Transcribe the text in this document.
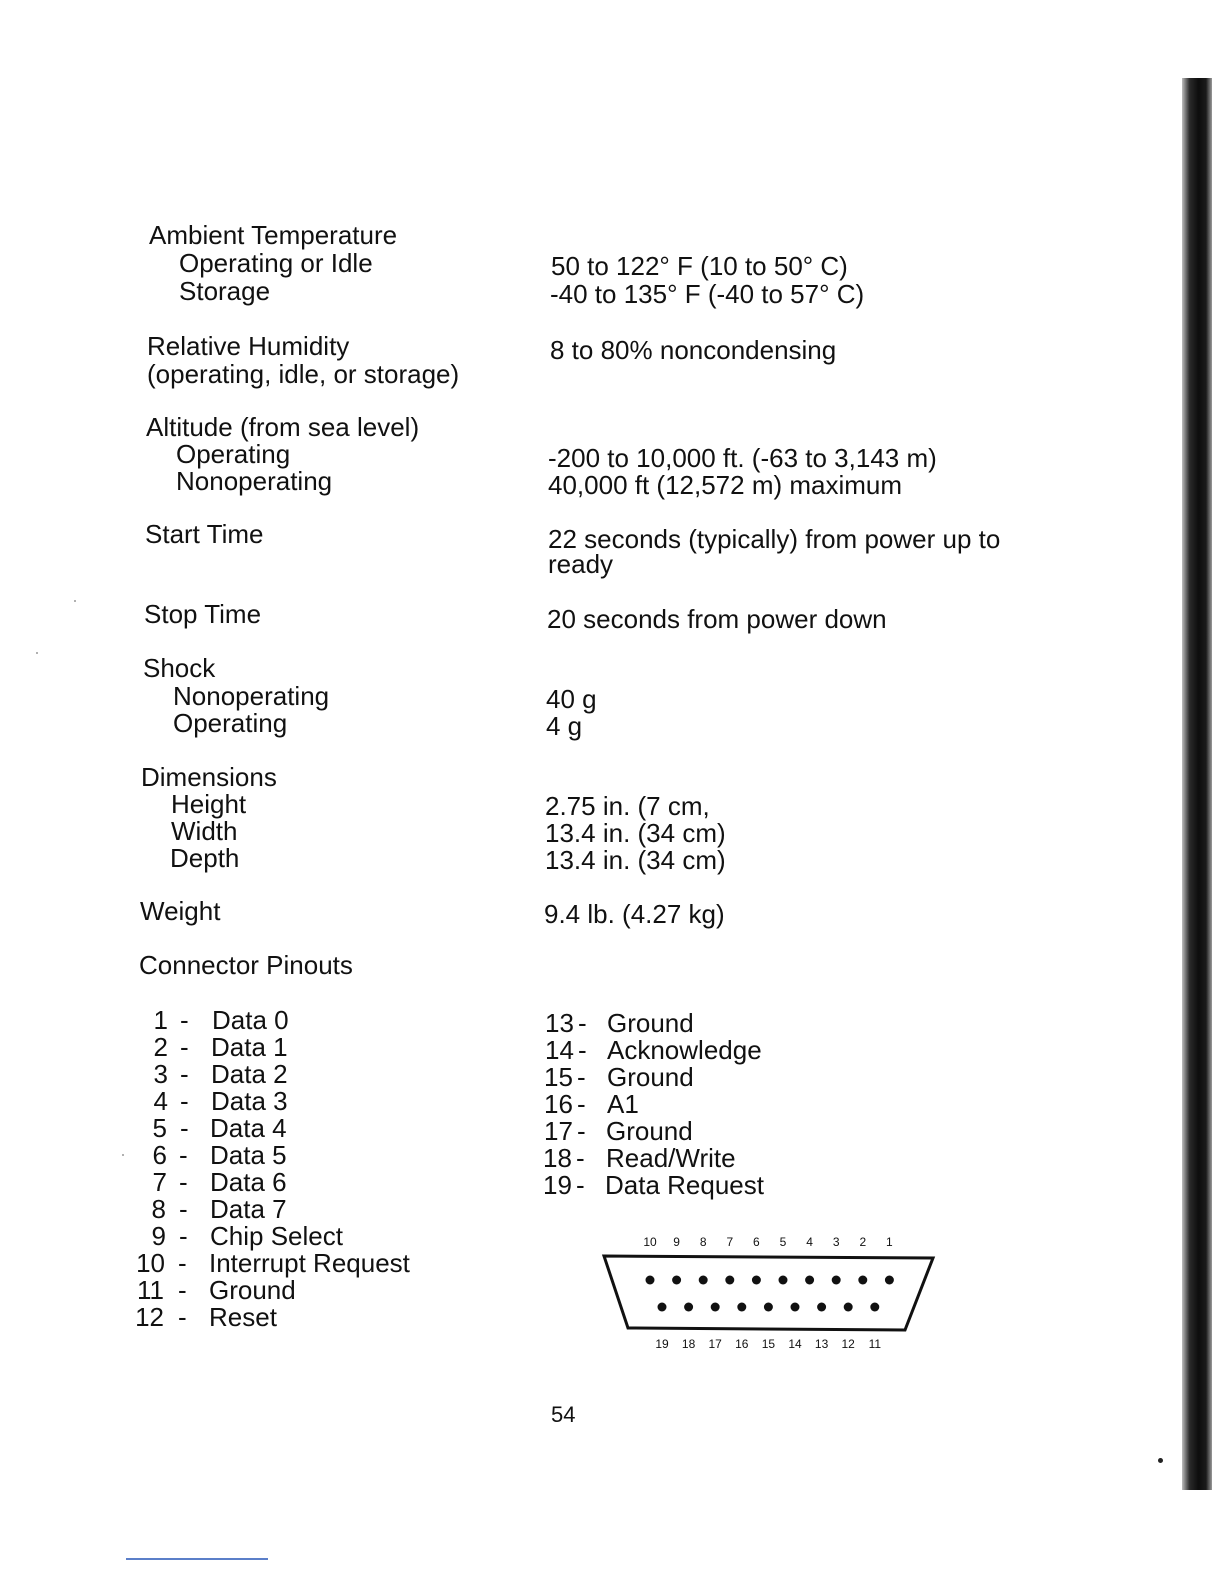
Ambient Temperature
Operating or Idle	50 to 122° F (10 to 50° C)
Storage	-40 to 135° F (-40 to 57° C)
Relative Humidity
(operating, idle, or storage)
8 to 80% noncondensing
Altitude (from sea level)
Operating	-200 to 10,000 ft. (-63 to 3,143 m)
Nonoperating	40,000 ft (12,572 m) maximum
Start Time	22 seconds (typically) from power up to
ready
Stop Time	20 seconds from power down
Shock
Nonoperating	40 g
Operating	4 g
Dimensions
Height	2.75 in. (7 cm,
Width	13.4 in. (34 cm)
Depth	13.4 in. (34 cm)
Weight	9.4 lb. (4.27 kg)
Connector Pinouts
1 - Data 0
2 - Data 1
3 - Data 2
4 - Data 3
5 - Data 4
6 - Data 5
7 - Data 6
8 - Data 7
9 - Chip Select
10 - Interrupt Request
11 - Ground
12 - Reset
13 - Ground
14 - Acknowledge
15 - Ground
16 - A1
17 - Ground
18 - Read/Write
19 - Data Request
10	9	8	7	6	5	4	3	2	1
19 18 17 16 15 14 13 12	11
54
